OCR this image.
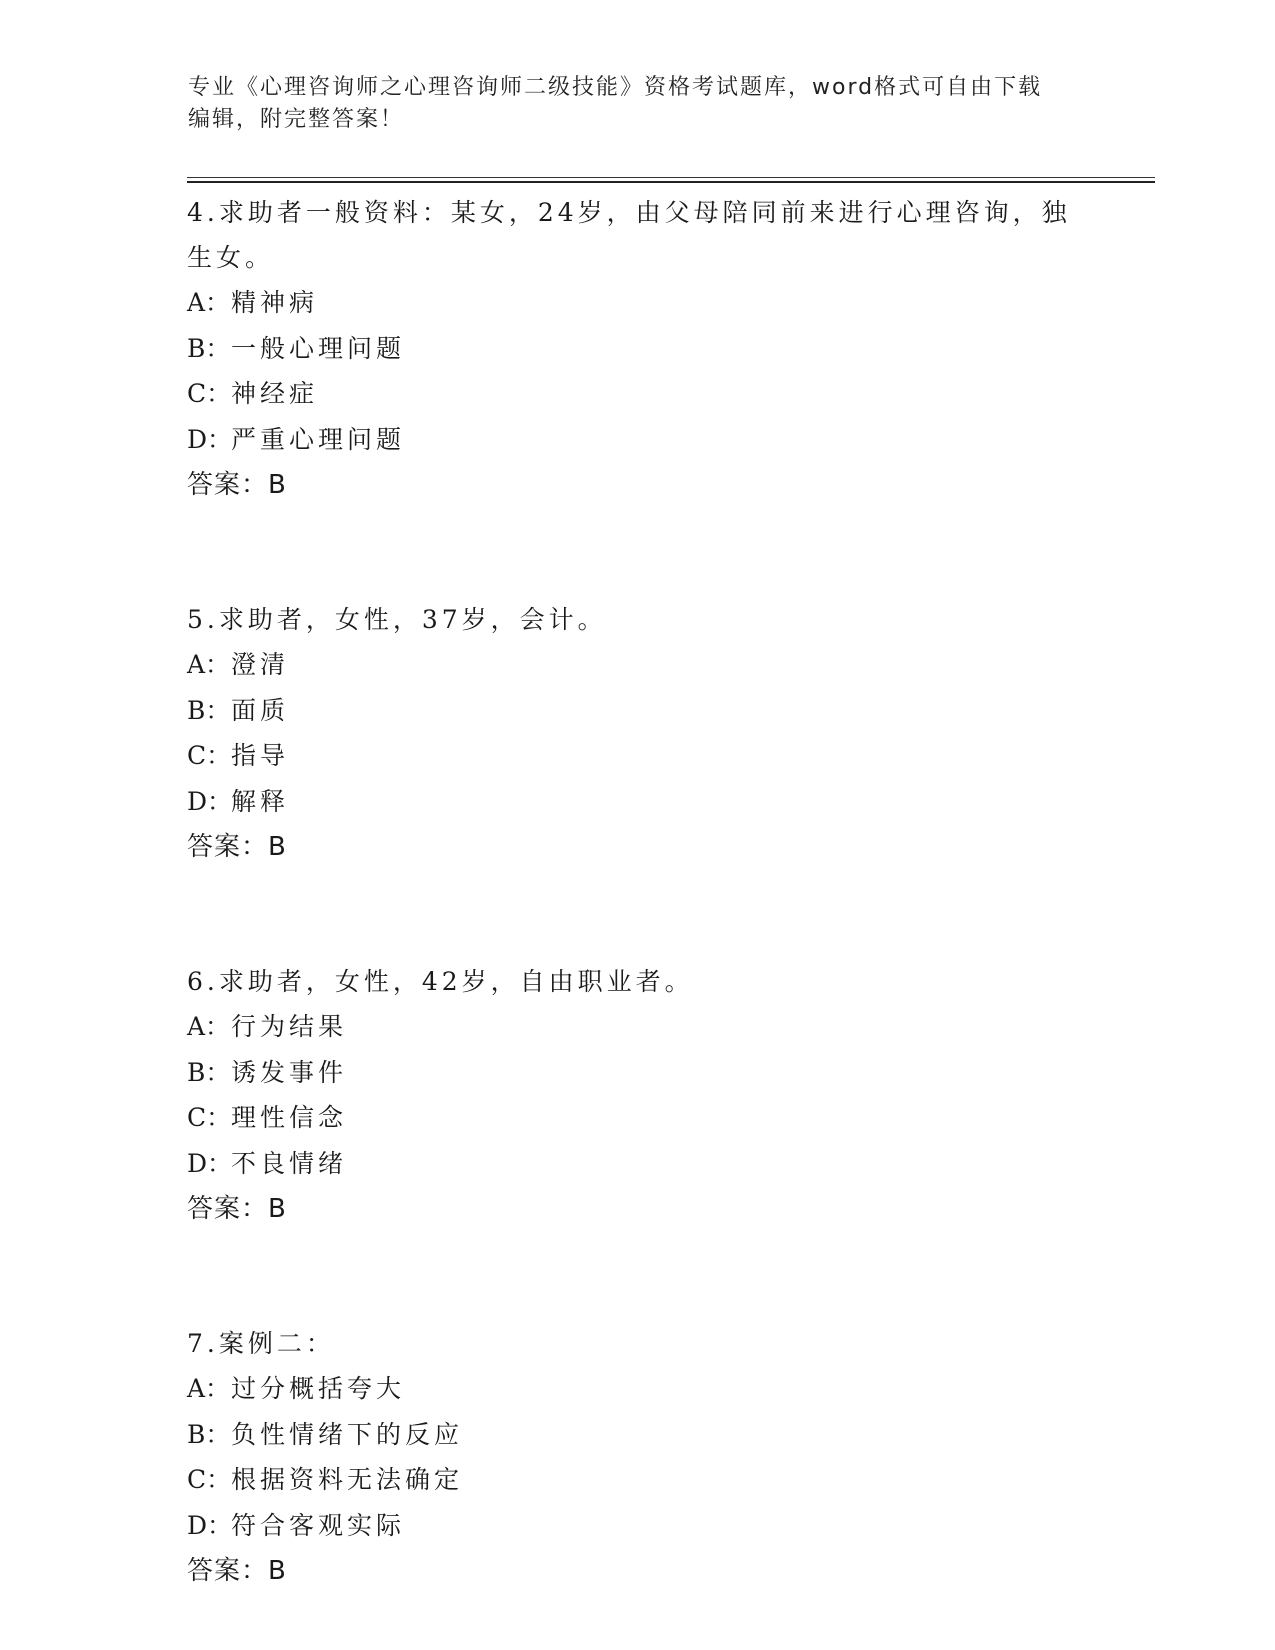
专业《心理咨询师之心理咨询师二级技能》资格考试题库，word格式可自由下载
编辑，附完整答案！
4.求助者一般资料：某女，24岁，由父母陪同前来进行心理咨询，独
生女。
A：精神病
B：一般心理问题
C：神经症
D：严重心理问题
答案：B
5.求助者，女性，37岁，会计。
A：澄清
B：面质
C：指导
D：解释
答案：B
6.求助者，女性，42岁，自由职业者。
A：行为结果
B：诱发事件
C：理性信念
D：不良情绪
答案：B
7.案例二：
A：过分概括夸大
B：负性情绪下的反应
C：根据资料无法确定
D：符合客观实际
答案：B
